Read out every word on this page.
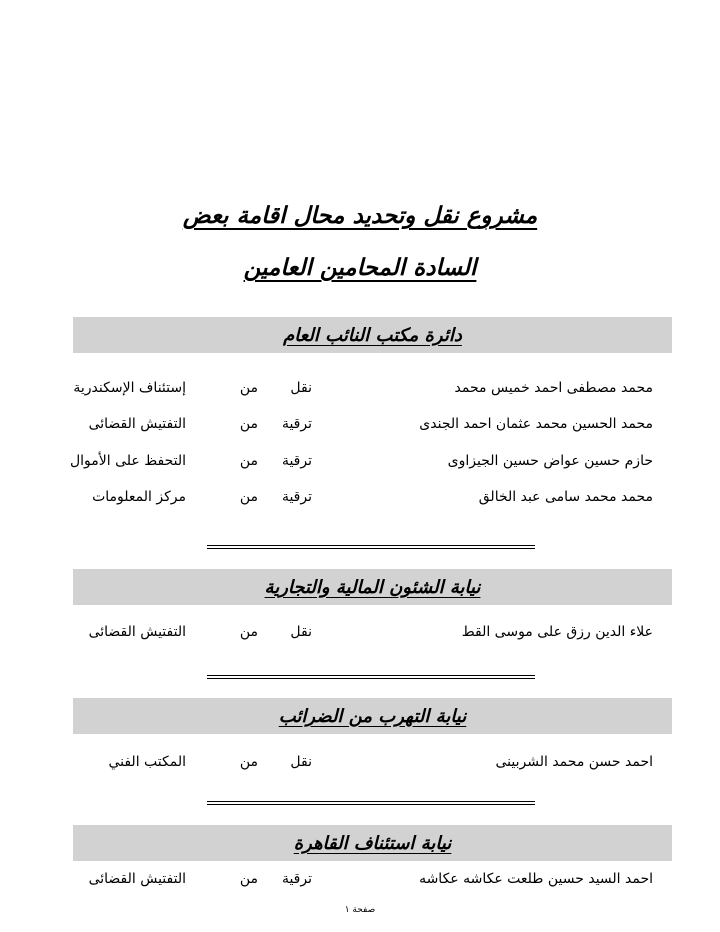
مشروع نقل وتحديد محال اقامة بعض
السادة المحامين العامين
دائرة مكتب النائب العام
محمد مصطفى احمد خميس محمد
نقل
من
إستئناف الإسكندرية
محمد الحسين محمد عثمان احمد الجندى
ترقية
من
التفتيش القضائى
حازم حسين عواض حسين الجيزاوى
ترقية
من
التحفظ على الأموال
محمد محمد سامى عبد الخالق
ترقية
من
مركز المعلومات
نيابة الشئون المالية والتجارية
علاء الدين رزق على موسى القط
نقل
من
التفتيش القضائى
نيابة التهرب من الضرائب
احمد حسن محمد الشربينى
نقل
من
المكتب الفني
نيابة استئناف القاهرة
احمد السيد حسين طلعت عكاشه عكاشه
ترقية
من
التفتيش القضائى
صفحة ١
